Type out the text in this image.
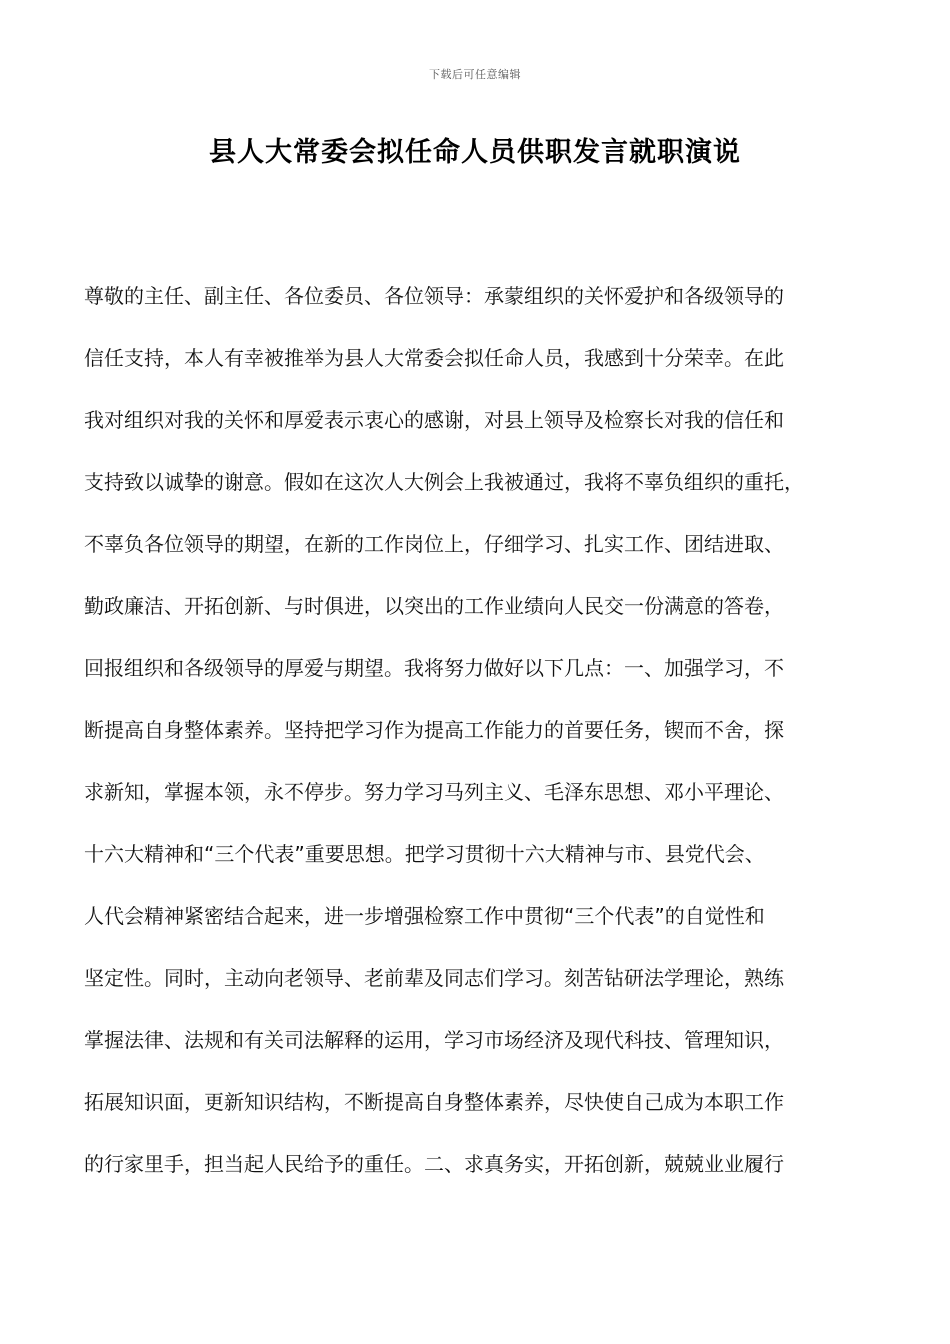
下载后可任意编辑
县人大常委会拟任命人员供职发言就职演说
尊敬的主任、副主任、各位委员、各位领导：承蒙组织的关怀爱护和各级领导的
信任支持，本人有幸被推举为县人大常委会拟任命人员，我感到十分荣幸。在此
我对组织对我的关怀和厚爱表示衷心的感谢，对县上领导及检察长对我的信任和
支持致以诚挚的谢意。假如在这次人大例会上我被通过，我将不辜负组织的重托，
不辜负各位领导的期望，在新的工作岗位上，仔细学习、扎实工作、团结进取、
勤政廉洁、开拓创新、与时俱进，以突出的工作业绩向人民交一份满意的答卷，
回报组织和各级领导的厚爱与期望。我将努力做好以下几点：一、加强学习，不
断提高自身整体素养。坚持把学习作为提高工作能力的首要任务，锲而不舍，探
求新知，掌握本领，永不停步。努力学习马列主义、毛泽东思想、邓小平理论、
十六大精神和“三个代表”重要思想。把学习贯彻十六大精神与市、县党代会、
人代会精神紧密结合起来，进一步增强检察工作中贯彻“三个代表”的自觉性和
坚定性。同时，主动向老领导、老前辈及同志们学习。刻苦钻研法学理论，熟练
掌握法律、法规和有关司法解释的运用，学习市场经济及现代科技、管理知识，
拓展知识面，更新知识结构，不断提高自身整体素养，尽快使自己成为本职工作
的行家里手，担当起人民给予的重任。二、求真务实，开拓创新，兢兢业业履行
